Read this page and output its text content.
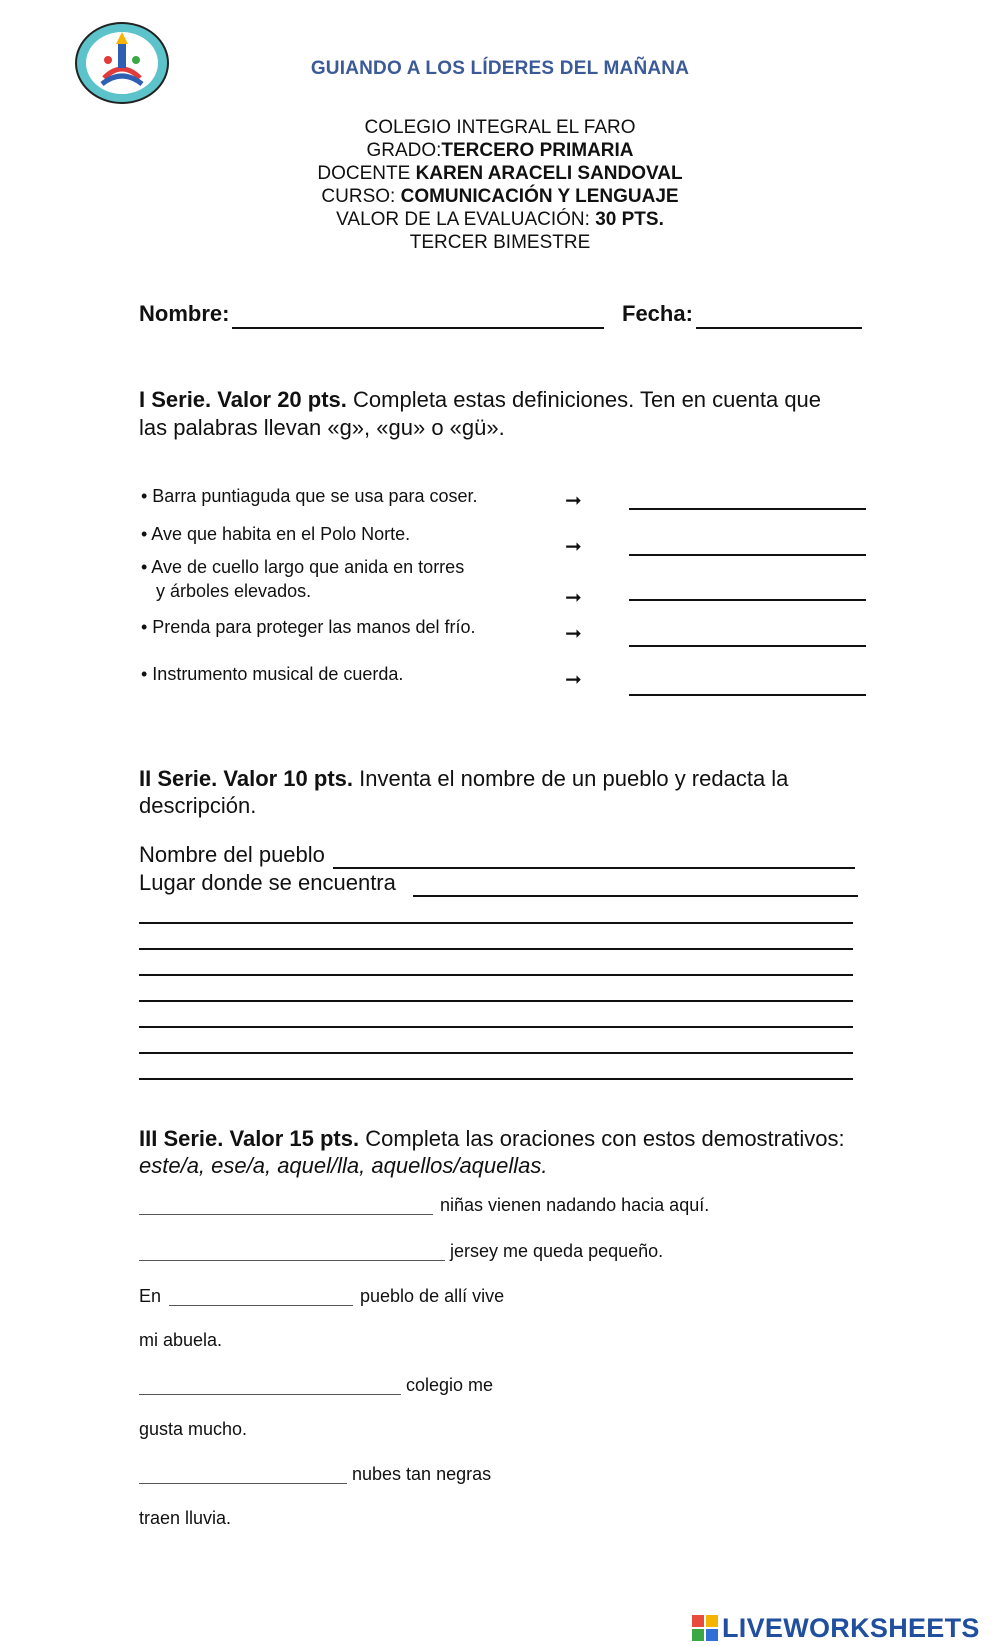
GUIANDO A LOS LÍDERES DEL MAÑANA
COLEGIO INTEGRAL EL FARO
GRADO:TERCERO PRIMARIA
DOCENTE KAREN ARACELI SANDOVAL
CURSO: COMUNICACIÓN Y LENGUAJE
VALOR DE LA EVALUACIÓN: 30 PTS.
TERCER BIMESTRE
Nombre:	Fecha:
I Serie. Valor 20 pts. Completa estas definiciones. Ten en cuenta que
las palabras llevan «g», «gu» o «gü».
• Barra puntiaguda que se usa para coser.
• Ave que habita en el Polo Norte.
• Ave de cuello largo que anida en torres
y árboles elevados.
• Prenda para proteger las manos del frío.
• Instrumento musical de cuerda.
➞
➞
➞
➞
➞
II Serie. Valor 10 pts. Inventa el nombre de un pueblo y redacta la
descripción.
Nombre del pueblo
Lugar donde se encuentra
III Serie. Valor 15 pts. Completa las oraciones con estos demostrativos:
este/a, ese/a, aquel/lla, aquellos/aquellas.
niñas vienen nadando hacia aquí.
jersey me queda pequeño.
En	pueblo de allí vive
mi abuela.
colegio me
gusta mucho.
nubes tan negras
traen lluvia.
LIVEWORKSHEETS
